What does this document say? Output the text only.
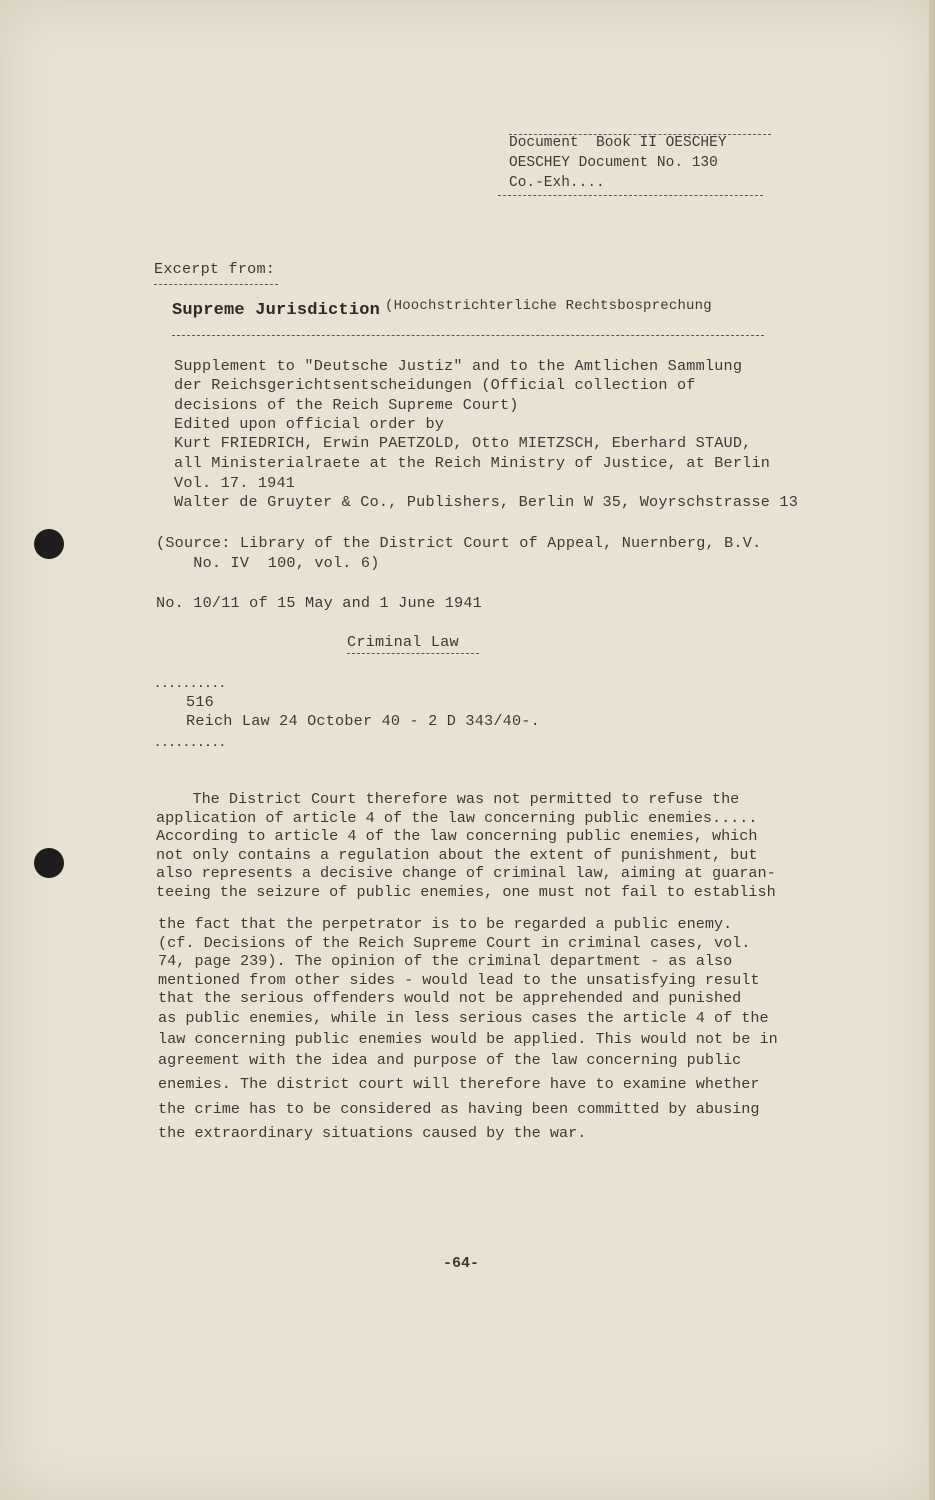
Document  Book II OESCHEY
OESCHEY Document No. 130
Co.-Exh....
Excerpt from:
Supreme Jurisdiction (Hoochstrichterliche Rechtsbosprechung
Supplement to "Deutsche Justiz" and to the Amtlichen Sammlung
der Reichsgerichtsentscheidungen (Official collection of
decisions of the Reich Supreme Court)
Edited upon official order by
Kurt FRIEDRICH, Erwin PAETZOLD, Otto MIETZSCH, Eberhard STAUD,
all Ministerialraete at the Reich Ministry of Justice, at Berlin
Vol. 17. 1941
Walter de Gruyter & Co., Publishers, Berlin W 35, Woyrschstrasse 13
(Source: Library of the District Court of Appeal, Nuernberg, B.V.
No. IV  100, vol. 6)
No. 10/11 of 15 May and 1 June 1941
Criminal Law
..........
516
Reich Law 24 October 40 - 2 D 343/40-.
..........
The District Court therefore was not permitted to refuse the
application of article 4 of the law concerning public enemies.....
According to article 4 of the law concerning public enemies, which
not only contains a regulation about the extent of punishment, but
also represents a decisive change of criminal law, aiming at guaran-
teeing the seizure of public enemies, one must not fail to establish
the fact that the perpetrator is to be regarded a public enemy.
(cf. Decisions of the Reich Supreme Court in criminal cases, vol.
74, page 239). The opinion of the criminal department - as also
mentioned from other sides - would lead to the unsatisfying result
that the serious offenders would not be apprehended and punished
as public enemies, while in less serious cases the article 4 of the
law concerning public enemies would be applied. This would not be in
agreement with the idea and purpose of the law concerning public
enemies. The district court will therefore have to examine whether
the crime has to be considered as having been committed by abusing
the extraordinary situations caused by the war.
-64-
